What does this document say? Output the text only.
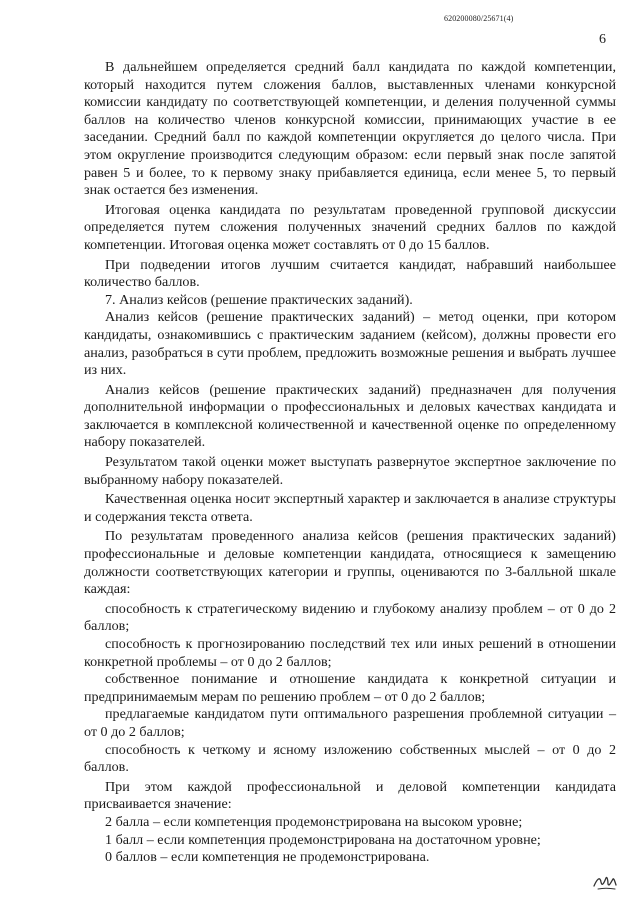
620200080/25671(4)
6

В дальнейшем определяется средний балл кандидата по каждой компетенции, который находится путем сложения баллов, выставленных членами конкурсной комиссии кандидату по соответствующей компетенции, и деления полученной суммы баллов на количество членов конкурсной комиссии, принимающих участие в ее заседании. Средний балл по каждой компетенции округляется до целого числа. При этом округление производится следующим образом: если первый знак после запятой равен 5 и более, то к первому знаку прибавляется единица, если менее 5, то первый знак остается без изменения.

Итоговая оценка кандидата по результатам проведенной групповой дискуссии определяется путем сложения полученных значений средних баллов по каждой компетенции. Итоговая оценка может составлять от 0 до 15 баллов.

При подведении итогов лучшим считается кандидат, набравший наибольшее количество баллов.

7. Анализ кейсов (решение практических заданий).

Анализ кейсов (решение практических заданий) – метод оценки, при котором кандидаты, ознакомившись с практическим заданием (кейсом), должны провести его анализ, разобраться в сути проблем, предложить возможные решения и выбрать лучшее из них.

Анализ кейсов (решение практических заданий) предназначен для получения дополнительной информации о профессиональных и деловых качествах кандидата и заключается в комплексной количественной и качественной оценке по определенному набору показателей.

Результатом такой оценки может выступать развернутое экспертное заключение по выбранному набору показателей.

Качественная оценка носит экспертный характер и заключается в анализе структуры и содержания текста ответа.

По результатам проведенного анализа кейсов (решения практических заданий) профессиональные и деловые компетенции кандидата, относящиеся к замещению должности соответствующих категории и группы, оцениваются по 3-балльной шкале каждая:

способность к стратегическому видению и глубокому анализу проблем – от 0 до 2 баллов;

способность к прогнозированию последствий тех или иных решений в отношении конкретной проблемы – от 0 до 2 баллов;

собственное понимание и отношение кандидата к конкретной ситуации и предпринимаемым мерам по решению проблем – от 0 до 2 баллов;

предлагаемые кандидатом пути оптимального разрешения проблемной ситуации – от 0 до 2 баллов;

способность к четкому и ясному изложению собственных мыслей – от 0 до 2 баллов.

При этом каждой профессиональной и деловой компетенции кандидата присваивается значение:

2 балла – если компетенция продемонстрирована на высоком уровне;

1 балл – если компетенция продемонстрирована на достаточном уровне;

0 баллов – если компетенция не продемонстрирована.
